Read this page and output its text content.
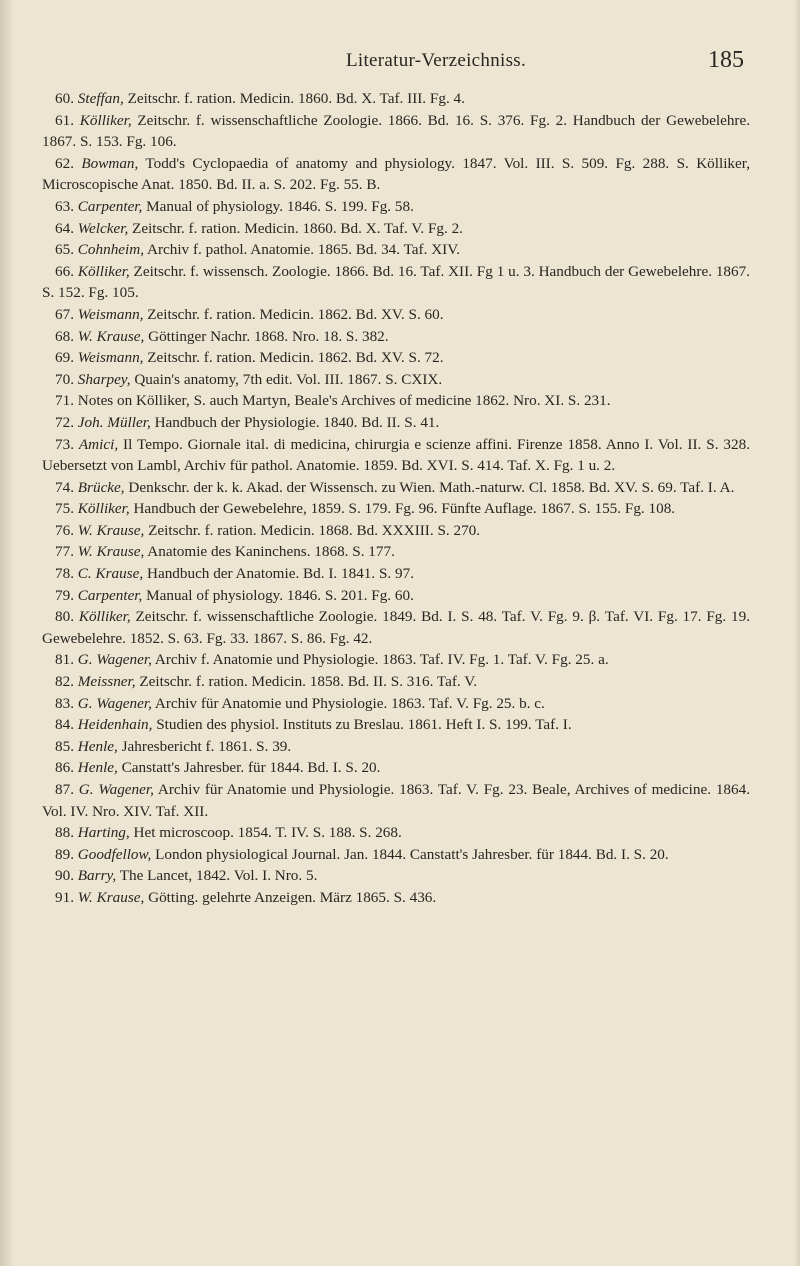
Literatur-Verzeichniss.	185

60. Steffan, Zeitschr. f. ration. Medicin. 1860. Bd. X. Taf. III. Fg. 4.

61. Kölliker, Zeitschr. f. wissenschaftliche Zoologie. 1866. Bd. 16. S. 376. Fg. 2. Handbuch der Gewebelehre. 1867. S. 153. Fg. 106.

62. Bowman, Todd's Cyclopaedia of anatomy and physiology. 1847. Vol. III. S. 509. Fg. 288. S. Kölliker, Microscopische Anat. 1850. Bd. II. a. S. 202. Fg. 55. B.

63. Carpenter, Manual of physiology. 1846. S. 199. Fg. 58.

64. Welcker, Zeitschr. f. ration. Medicin. 1860. Bd. X. Taf. V. Fg. 2.

65. Cohnheim, Archiv f. pathol. Anatomie. 1865. Bd. 34. Taf. XIV.

66. Kölliker, Zeitschr. f. wissensch. Zoologie. 1866. Bd. 16. Taf. XII. Fg 1 u. 3. Handbuch der Gewebelehre. 1867. S. 152. Fg. 105.

67. Weismann, Zeitschr. f. ration. Medicin. 1862. Bd. XV. S. 60.

68. W. Krause, Göttinger Nachr. 1868. Nro. 18. S. 382.

69. Weismann, Zeitschr. f. ration. Medicin. 1862. Bd. XV. S. 72.

70. Sharpey, Quain's anatomy, 7th edit. Vol. III. 1867. S. CXIX.

71. Notes on Kölliker, S. auch Martyn, Beale's Archives of medicine 1862. Nro. XI. S. 231.

72. Joh. Müller, Handbuch der Physiologie. 1840. Bd. II. S. 41.

73. Amici, Il Tempo. Giornale ital. di medicina, chirurgia e scienze affini. Firenze 1858. Anno I. Vol. II. S. 328. Uebersetzt von Lambl, Archiv für pathol. Anatomie. 1859. Bd. XVI. S. 414. Taf. X. Fg. 1 u. 2.

74. Brücke, Denkschr. der k. k. Akad. der Wissensch. zu Wien. Math.-naturw. Cl. 1858. Bd. XV. S. 69. Taf. I. A.

75. Kölliker, Handbuch der Gewebelehre, 1859. S. 179. Fg. 96. Fünfte Auflage. 1867. S. 155. Fg. 108.

76. W. Krause, Zeitschr. f. ration. Medicin. 1868. Bd. XXXIII. S. 270.

77. W. Krause, Anatomie des Kaninchens. 1868. S. 177.

78. C. Krause, Handbuch der Anatomie. Bd. I. 1841. S. 97.

79. Carpenter, Manual of physiology. 1846. S. 201. Fg. 60.

80. Kölliker, Zeitschr. f. wissenschaftliche Zoologie. 1849. Bd. I. S. 48. Taf. V. Fg. 9. β. Taf. VI. Fg. 17. Fg. 19. Gewebelehre. 1852. S. 63. Fg. 33. 1867. S. 86. Fg. 42.

81. G. Wagener, Archiv f. Anatomie und Physiologie. 1863. Taf. IV. Fg. 1. Taf. V. Fg. 25. a.

82. Meissner, Zeitschr. f. ration. Medicin. 1858. Bd. II. S. 316. Taf. V.

83. G. Wagener, Archiv für Anatomie und Physiologie. 1863. Taf. V. Fg. 25. b. c.

84. Heidenhain, Studien des physiol. Instituts zu Breslau. 1861. Heft I. S. 199. Taf. I.

85. Henle, Jahresbericht f. 1861. S. 39.

86. Henle, Canstatt's Jahresber. für 1844. Bd. I. S. 20.

87. G. Wagener, Archiv für Anatomie und Physiologie. 1863. Taf. V. Fg. 23. Beale, Archives of medicine. 1864. Vol. IV. Nro. XIV. Taf. XII.

88. Harting, Het microscoop. 1854. T. IV. S. 188. S. 268.

89. Goodfellow, London physiological Journal. Jan. 1844. Canstatt's Jahresber. für 1844. Bd. I. S. 20.

90. Barry, The Lancet, 1842. Vol. I. Nro. 5.

91. W. Krause, Götting. gelehrte Anzeigen. März 1865. S. 436.
